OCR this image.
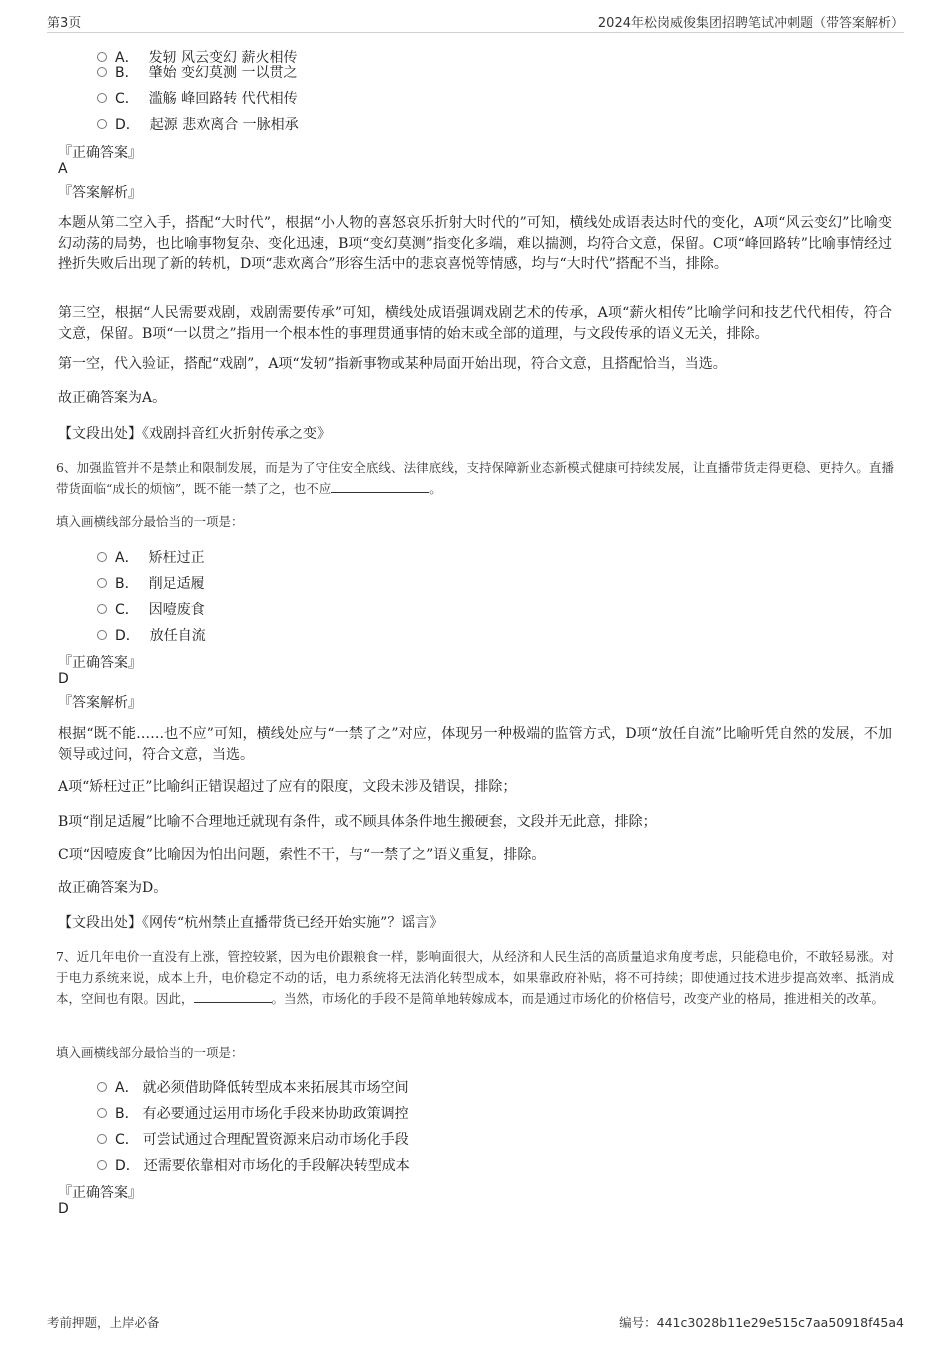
第3页	2024年松岗威俊集团招聘笔试冲刺题（带答案解析）
A． 发轫 风云变幻 薪火相传
B． 肇始 变幻莫测 一以贯之
C． 滥觞 峰回路转 代代相传
D． 起源 悲欢离合 一脉相承
『正确答案』
A
『答案解析』
本题从第二空入手，搭配“大时代”，根据“小人物的喜怒哀乐折射大时代的”可知，横线处成语表达时代的变化，A项“风云变幻”比喻变幻动荡的局势，也比喻事物复杂、变化迅速，B项“变幻莫测”指变化多端，难以揣测，均符合文意，保留。C项“峰回路转”比喻事情经过挫折失败后出现了新的转机，D项“悲欢离合”形容生活中的悲哀喜悦等情感，均与“大时代”搭配不当，排除。
第三空，根据“人民需要戏剧，戏剧需要传承”可知，横线处成语强调戏剧艺术的传承，A项“薪火相传”比喻学问和技艺代代相传，符合文意，保留。B项“一以贯之”指用一个根本性的事理贯通事情的始末或全部的道理，与文段传承的语义无关，排除。
第一空，代入验证，搭配“戏剧”，A项“发轫”指新事物或某种局面开始出现，符合文意，且搭配恰当，当选。
故正确答案为A。
【文段出处】《戏剧抖音红火折射传承之变》
6、加强监管并不是禁止和限制发展，而是为了守住安全底线、法律底线，支持保障新业态新模式健康可持续发展，让直播带货走得更稳、更持久。直播带货面临“成长的烦恼”，既不能一禁了之，也不应	。
填入画横线部分最恰当的一项是：
A． 矫枉过正
B． 削足适履
C． 因噎废食
D． 放任自流
『正确答案』
D
『答案解析』
根据“既不能……也不应”可知，横线处应与“一禁了之”对应，体现另一种极端的监管方式，D项“放任自流”比喻听凭自然的发展，不加领导或过问，符合文意，当选。
A项“矫枉过正”比喻纠正错误超过了应有的限度，文段未涉及错误，排除；
B项“削足适履”比喻不合理地迁就现有条件，或不顾具体条件地生搬硬套，文段并无此意，排除；
C项“因噎废食”比喻因为怕出问题，索性不干，与“一禁了之”语义重复，排除。
故正确答案为D。
【文段出处】《网传“杭州禁止直播带货已经开始实施”？谣言》
7、近几年电价一直没有上涨，管控较紧，因为电价跟粮食一样，影响面很大，从经济和人民生活的高质量追求角度考虑，只能稳电价，不敢轻易涨。对于电力系统来说，成本上升，电价稳定不动的话，电力系统将无法消化转型成本，如果靠政府补贴，将不可持续；即使通过技术进步提高效率、抵消成本，空间也有限。因此，	。当然，市场化的手段不是简单地转嫁成本，而是通过市场化的价格信号，改变产业的格局，推进相关的改革。
填入画横线部分最恰当的一项是：
A． 就必须借助降低转型成本来拓展其市场空间
B． 有必要通过运用市场化手段来协助政策调控
C． 可尝试通过合理配置资源来启动市场化手段
D． 还需要依靠相对市场化的手段解决转型成本
『正确答案』
D
考前押题，上岸必备	编号：441c3028b11e29e515c7aa50918f45a4
